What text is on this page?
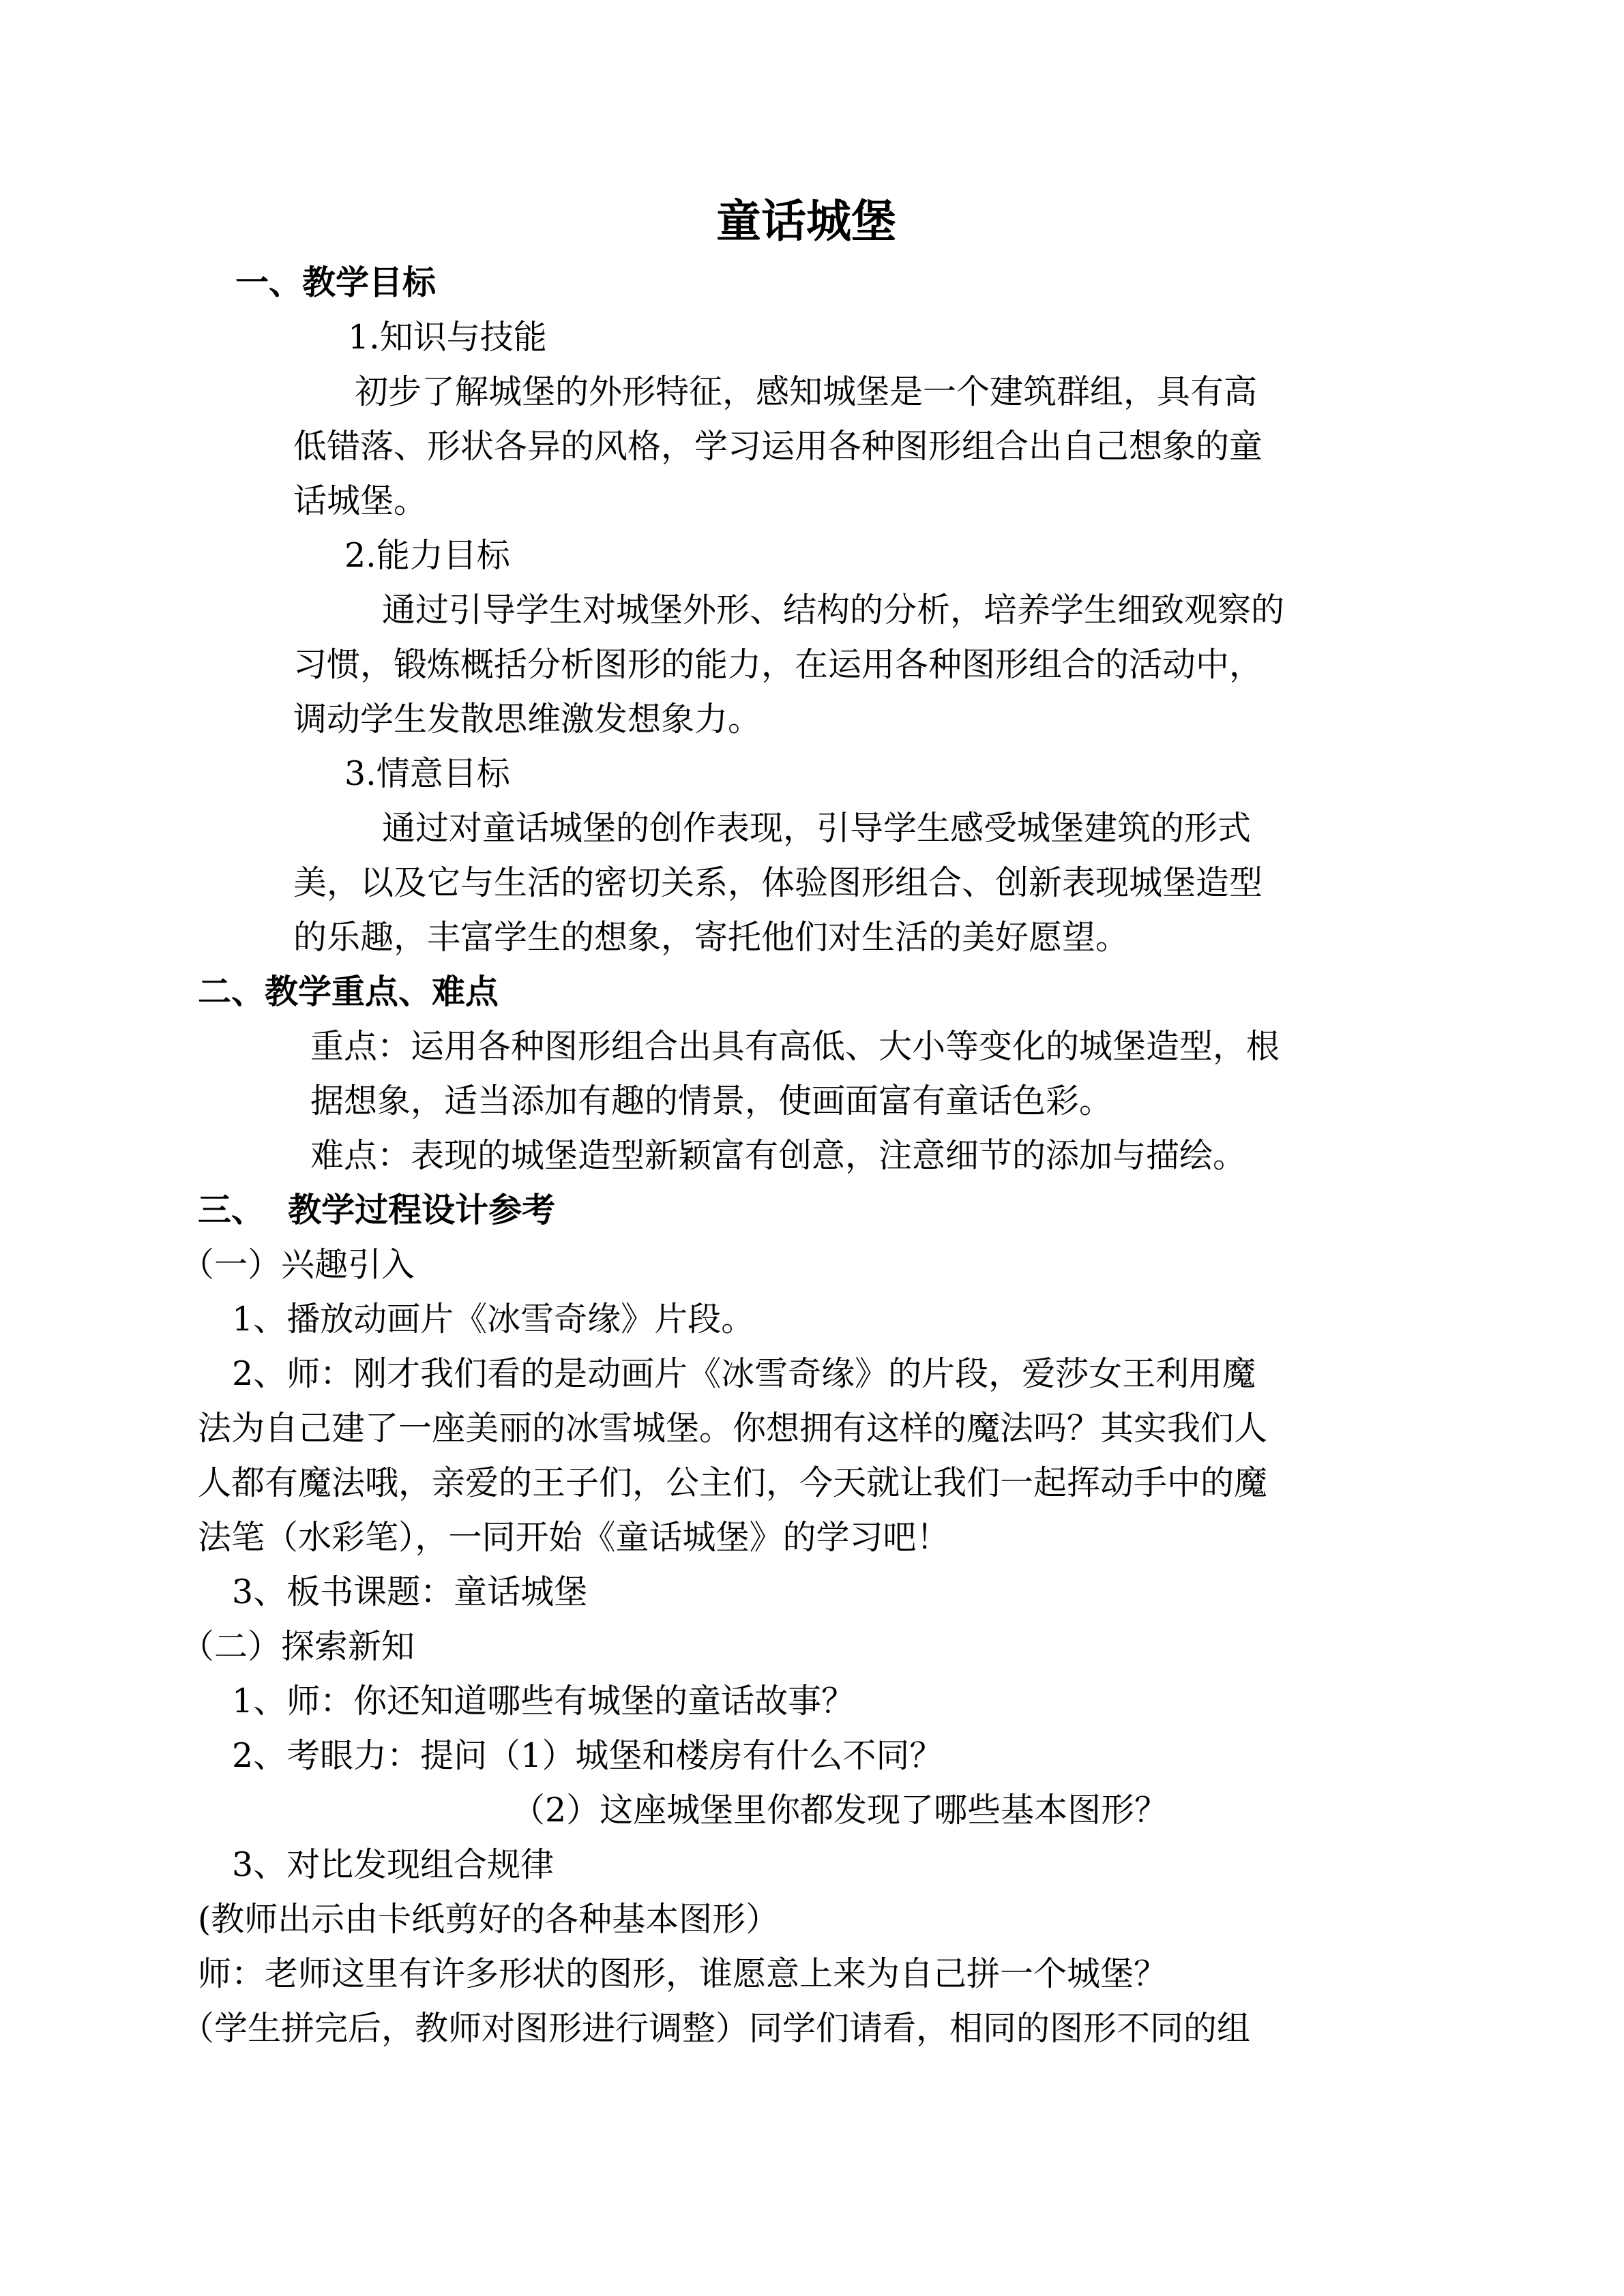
童话城堡
一、教学目标
1.知识与技能
初步了解城堡的外形特征，感知城堡是一个建筑群组，具有高
低错落、形状各异的风格，学习运用各种图形组合出自己想象的童
话城堡。
2.能力目标
通过引导学生对城堡外形、结构的分析，培养学生细致观察的
习惯，锻炼概括分析图形的能力，在运用各种图形组合的活动中，
调动学生发散思维激发想象力。
3.情意目标
通过对童话城堡的创作表现，引导学生感受城堡建筑的形式
美，以及它与生活的密切关系，体验图形组合、创新表现城堡造型
的乐趣，丰富学生的想象，寄托他们对生活的美好愿望。
二、教学重点、难点
重点：运用各种图形组合出具有高低、大小等变化的城堡造型，根
据想象，适当添加有趣的情景，使画面富有童话色彩。
难点：表现的城堡造型新颖富有创意，注意细节的添加与描绘。
三、  教学过程设计参考
（一）兴趣引入
1、播放动画片《冰雪奇缘》片段。
2、师：刚才我们看的是动画片《冰雪奇缘》的片段，爱莎女王利用魔
法为自己建了一座美丽的冰雪城堡。你想拥有这样的魔法吗？其实我们人
人都有魔法哦，亲爱的王子们，公主们，今天就让我们一起挥动手中的魔
法笔（水彩笔），一同开始《童话城堡》的学习吧！
3、板书课题：童话城堡
（二）探索新知
1、师：你还知道哪些有城堡的童话故事？
2、考眼力：提问（1）城堡和楼房有什么不同？
（2）这座城堡里你都发现了哪些基本图形？
3、对比发现组合规律
(教师出示由卡纸剪好的各种基本图形）
师：老师这里有许多形状的图形，谁愿意上来为自己拼一个城堡？
（学生拼完后，教师对图形进行调整）同学们请看，相同的图形不同的组
